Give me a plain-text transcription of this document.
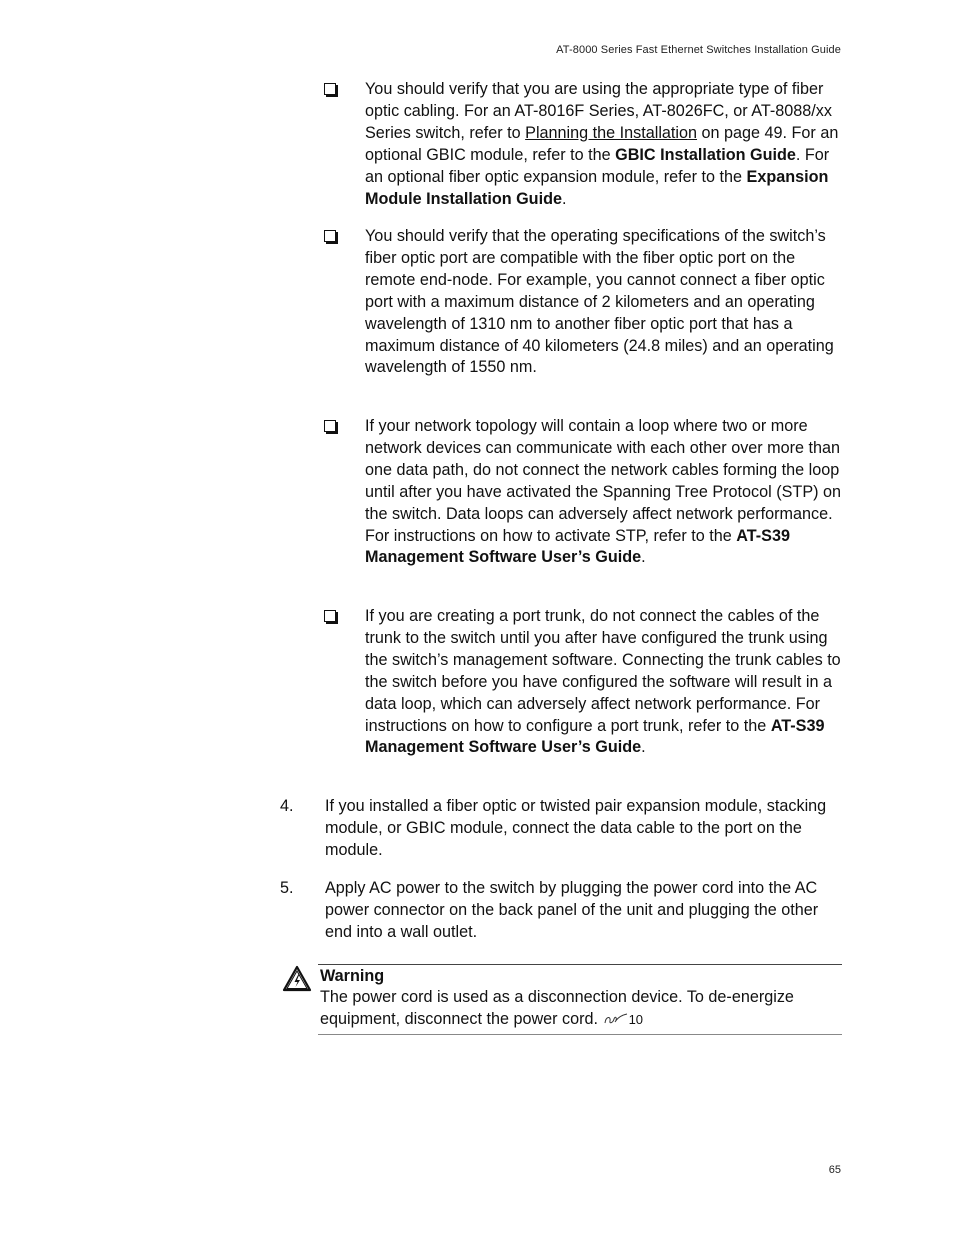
AT-8000 Series Fast Ethernet Switches Installation Guide
You should verify that you are using the appropriate type of fiber optic cabling. For an AT-8016F Series, AT-8026FC, or AT-8088/xx Series switch, refer to Planning the Installation on page 49. For an optional GBIC module, refer to the GBIC Installation Guide. For an optional fiber optic expansion module, refer to the Expansion Module Installation Guide.
You should verify that the operating specifications of the switch’s fiber optic port are compatible with the fiber optic port on the remote end-node. For example, you cannot connect a fiber optic port with a maximum distance of 2 kilometers and an operating wavelength of 1310 nm to another fiber optic port that has a maximum distance of 40 kilometers (24.8 miles) and an operating wavelength of 1550 nm.
If your network topology will contain a loop where two or more network devices can communicate with each other over more than one data path, do not connect the network cables forming the loop until after you have activated the Spanning Tree Protocol (STP) on the switch. Data loops can adversely affect network performance. For instructions on how to activate STP, refer to the AT-S39 Management Software User’s Guide.
If you are creating a port trunk, do not connect the cables of the trunk to the switch until you after have configured the trunk using the switch’s management software. Connecting the trunk cables to the switch before you have configured the software will result in a data loop, which can adversely affect network performance. For instructions on how to configure a port trunk, refer to the AT-S39 Management Software User’s Guide.
4. If you installed a fiber optic or twisted pair expansion module, stacking module, or GBIC module, connect the data cable to the port on the module.
5. Apply AC power to the switch by plugging the power cord into the AC power connector on the back panel of the unit and plugging the other end into a wall outlet.
Warning
The power cord is used as a disconnection device. To de-energize equipment, disconnect the power cord. 10
65
